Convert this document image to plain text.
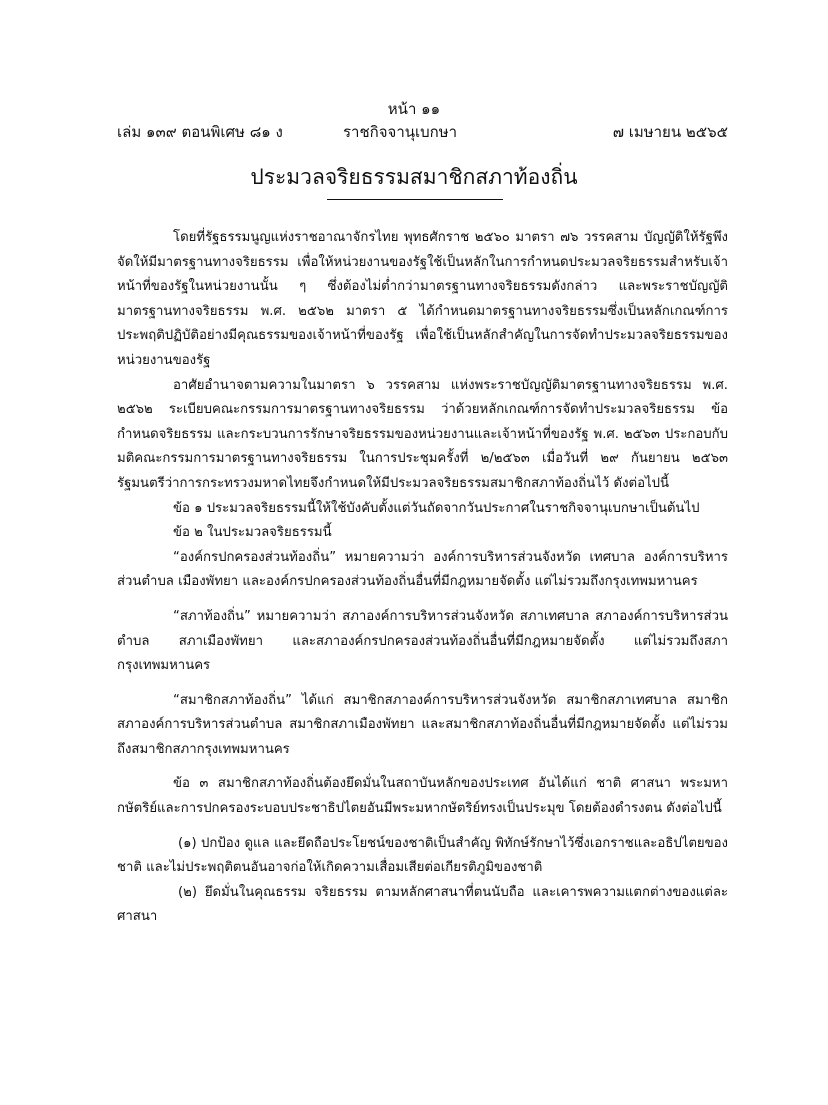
หน้า ๑๑
เล่ม ๑๓๙ ตอนพิเศษ ๘๑ ง	ราชกิจจานุเบกษา	๗ เมษายน ๒๕๖๕
ประมวลจริยธรรมสมาชิกสภาท้องถิ่น

โดยที่รัฐธรรมนูญแห่งราชอาณาจักรไทย พุทธศักราช ๒๕๖๐ มาตรา ๗๖ วรรคสาม บัญญัติให้รัฐพึงจัดให้มีมาตรฐานทางจริยธรรม เพื่อให้หน่วยงานของรัฐใช้เป็นหลักในการกำหนดประมวลจริยธรรมสำหรับเจ้าหน้าที่ของรัฐในหน่วยงานนั้น ๆ ซึ่งต้องไม่ต่ำกว่ามาตรฐานทางจริยธรรมดังกล่าว และพระราชบัญญัติมาตรฐานทางจริยธรรม พ.ศ. ๒๕๖๒ มาตรา ๕ ได้กำหนดมาตรฐานทางจริยธรรมซึ่งเป็นหลักเกณฑ์การประพฤติปฏิบัติอย่างมีคุณธรรมของเจ้าหน้าที่ของรัฐ เพื่อใช้เป็นหลักสำคัญในการจัดทำประมวลจริยธรรมของหน่วยงานของรัฐ

อาศัยอำนาจตามความในมาตรา ๖ วรรคสาม แห่งพระราชบัญญัติมาตรฐานทางจริยธรรม พ.ศ. ๒๕๖๒ ระเบียบคณะกรรมการมาตรฐานทางจริยธรรม ว่าด้วยหลักเกณฑ์การจัดทำประมวลจริยธรรม ข้อกำหนดจริยธรรม และกระบวนการรักษาจริยธรรมของหน่วยงานและเจ้าหน้าที่ของรัฐ พ.ศ. ๒๕๖๓ ประกอบกับมติคณะกรรมการมาตรฐานทางจริยธรรม ในการประชุมครั้งที่ ๒/๒๕๖๓ เมื่อวันที่ ๒๙ กันยายน ๒๕๖๓ รัฐมนตรีว่าการกระทรวงมหาดไทยจึงกำหนดให้มีประมวลจริยธรรมสมาชิกสภาท้องถิ่นไว้ ดังต่อไปนี้

ข้อ ๑ ประมวลจริยธรรมนี้ให้ใช้บังคับตั้งแต่วันถัดจากวันประกาศในราชกิจจานุเบกษาเป็นต้นไป

ข้อ ๒ ในประมวลจริยธรรมนี้

“องค์กรปกครองส่วนท้องถิ่น” หมายความว่า องค์การบริหารส่วนจังหวัด เทศบาล องค์การบริหารส่วนตำบล เมืองพัทยา และองค์กรปกครองส่วนท้องถิ่นอื่นที่มีกฎหมายจัดตั้ง แต่ไม่รวมถึงกรุงเทพมหานคร

“สภาท้องถิ่น” หมายความว่า สภาองค์การบริหารส่วนจังหวัด สภาเทศบาล สภาองค์การบริหารส่วนตำบล สภาเมืองพัทยา และสภาองค์กรปกครองส่วนท้องถิ่นอื่นที่มีกฎหมายจัดตั้ง แต่ไม่รวมถึงสภากรุงเทพมหานคร

“สมาชิกสภาท้องถิ่น” ได้แก่ สมาชิกสภาองค์การบริหารส่วนจังหวัด สมาชิกสภาเทศบาล สมาชิกสภาองค์การบริหารส่วนตำบล สมาชิกสภาเมืองพัทยา และสมาชิกสภาท้องถิ่นอื่นที่มีกฎหมายจัดตั้ง แต่ไม่รวมถึงสมาชิกสภากรุงเทพมหานคร

ข้อ ๓ สมาชิกสภาท้องถิ่นต้องยึดมั่นในสถาบันหลักของประเทศ อันได้แก่ ชาติ ศาสนา พระมหากษัตริย์และการปกครองระบอบประชาธิปไตยอันมีพระมหากษัตริย์ทรงเป็นประมุข โดยต้องดำรงตน ดังต่อไปนี้

(๑) ปกป้อง ดูแล และยึดถือประโยชน์ของชาติเป็นสำคัญ พิทักษ์รักษาไว้ซึ่งเอกราชและอธิปไตยของชาติ และไม่ประพฤติตนอันอาจก่อให้เกิดความเสื่อมเสียต่อเกียรติภูมิของชาติ

(๒) ยึดมั่นในคุณธรรม จริยธรรม ตามหลักศาสนาที่ตนนับถือ และเคารพความแตกต่างของแต่ละศาสนา
